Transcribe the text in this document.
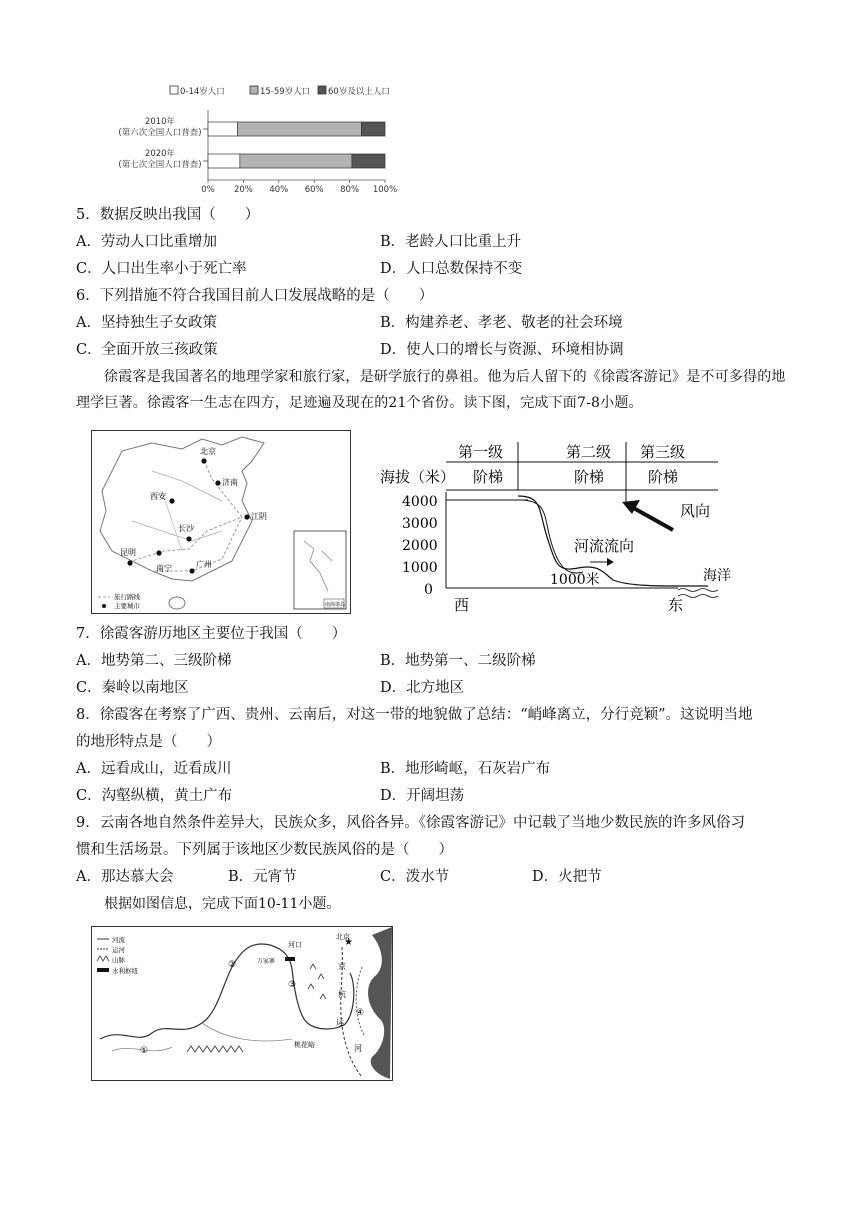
0-14岁人口	15-59岁人口 60岁及以上人口
2010年
(第六次全国人口普查)
2020年
(第七次全国人口普查)
0% 20% 40% 60% 80% 100%
5．数据反映出我国（　　）
A．劳动人口比重增加	B．老龄人口比重上升
C．人口出生率小于死亡率	D．人口总数保持不变
6．下列措施不符合我国目前人口发展战略的是（　　）
A．坚持独生子女政策	B．构建养老、孝老、敬老的社会环境
C．全面开放三孩政策	D．使人口的增长与资源、环境相协调
徐霞客是我国著名的地理学家和旅行家，是研学旅行的鼻祖。他为后人留下的《徐霞客游记》是不可多得的地理学巨著。徐霞客一生志在四方，足迹遍及现在的21个省份。读下图，完成下面7-8小题。
北京
济南
西安
江阴
长沙
昆明
南宁	广州
旅行路线
主要城市	南海诸岛
第一级
阶梯
第二级
阶梯
第三级
阶梯
海拔（米）
4000
3000
2000
1000
0
海洋
风向
河流流向
1000米
西	东
7．徐霞客游历地区主要位于我国（　　）
A．地势第二、三级阶梯	B．地势第一、二级阶梯
C．秦岭以南地区	D．北方地区
8．徐霞客在考察了广西、贵州、云南后，对这一带的地貌做了总结：“峭峰离立，分行竞颖”。这说明当地
的地形特点是（　　）
A．远看成山，近看成川	B．地形崎岖，石灰岩广布
C．沟壑纵横，黄土广布	D．开阔坦荡
9．云南各地自然条件差异大，民族众多，风俗各异。《徐霞客游记》中记载了当地少数民族的许多风俗习
惯和生活场景。下列属于该地区少数民族风俗的是（　　）
A．那达慕大会	B．元宵节	C．泼水节	D．火把节
根据如图信息，完成下面10-11小题。
河流
运河
山脉
水利枢纽
河口
北京
★
万家寨
京
杭
运
河
桃花峪
①
②
③
④
